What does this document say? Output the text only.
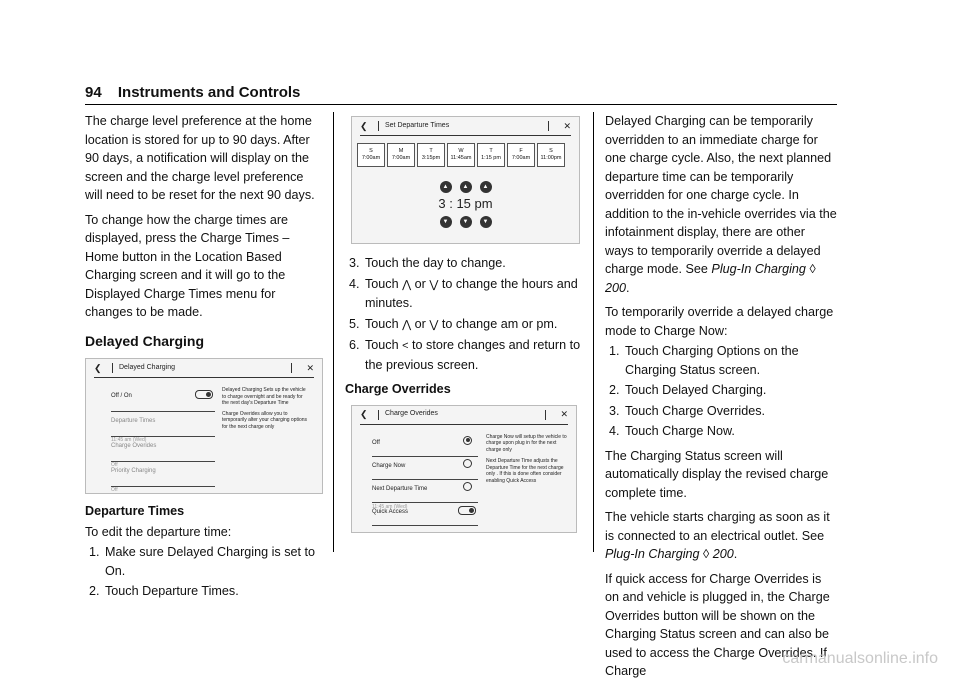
94 Instruments and Controls

The charge level preference at the home location is stored for up to 90 days. After 90 days, a notification will display on the screen and the charge level preference will need to be reset for the next 90 days.

To change how the charge times are displayed, press the Charge Times – Home button in the Location Based Charging screen and it will go to the Displayed Charge Times menu for changes to be made.

Delayed Charging
❮	Delayed Charging	✕
Off / On
Departure Times
11:45 am (Wed)
Charge Overides
Off
Priority Charging
Off

Delayed Charging Sets up the vehicle to charge overnight and be ready for the next day's Departure Time

Charge Overides allow you to temporarily alter your charging options for the next charge only

Departure Times

To edit the departure time:

1. Make sure Delayed Charging is set to On.
2. Touch Departure Times.
❮	Set Departure Times	✕
S
7:00am
M
7:00am
T
3:15pm
W
11:45am
T
1:15 pm
F
7:00am
S
11:00pm
▲	▲	▲
3 : 15 pm
▼	▼	▼
3. Touch the day to change.
4. Touch ⋀ or ⋁ to change the hours and minutes.
5. Touch ⋀ or ⋁ to change am or pm.
6. Touch < to store changes and return to the previous screen.
Charge Overrides
❮	Charge Overides	✕
Off
Charge Now
Next Departure Time
11:45 am (Wed)
Quick Access

Charge Now will setup the vehicle to charge upon plug in for the next charge only

Next Departure Time adjusts the Departure Time for the next charge only . If this is done often consider enabling Quick Access

Delayed Charging can be temporarily overridden to an immediate charge for one charge cycle. Also, the next planned departure time can be temporarily overridden for one charge cycle. In addition to the in-vehicle overrides via the infotainment display, there are other ways to temporarily override a delayed charge mode. See Plug-In Charging ◊ 200.

To temporarily override a delayed charge mode to Charge Now:

1. Touch Charging Options on the Charging Status screen.
2. Touch Delayed Charging.
3. Touch Charge Overrides.
4. Touch Charge Now.

The Charging Status screen will automatically display the revised charge complete time.

The vehicle starts charging as soon as it is connected to an electrical outlet. See Plug-In Charging ◊ 200.

If quick access for Charge Overrides is on and vehicle is plugged in, the Charge Overrides button will be shown on the Charging Status screen and can also be used to access the Charge Overrides. If Charge

carmanualsonline.info
